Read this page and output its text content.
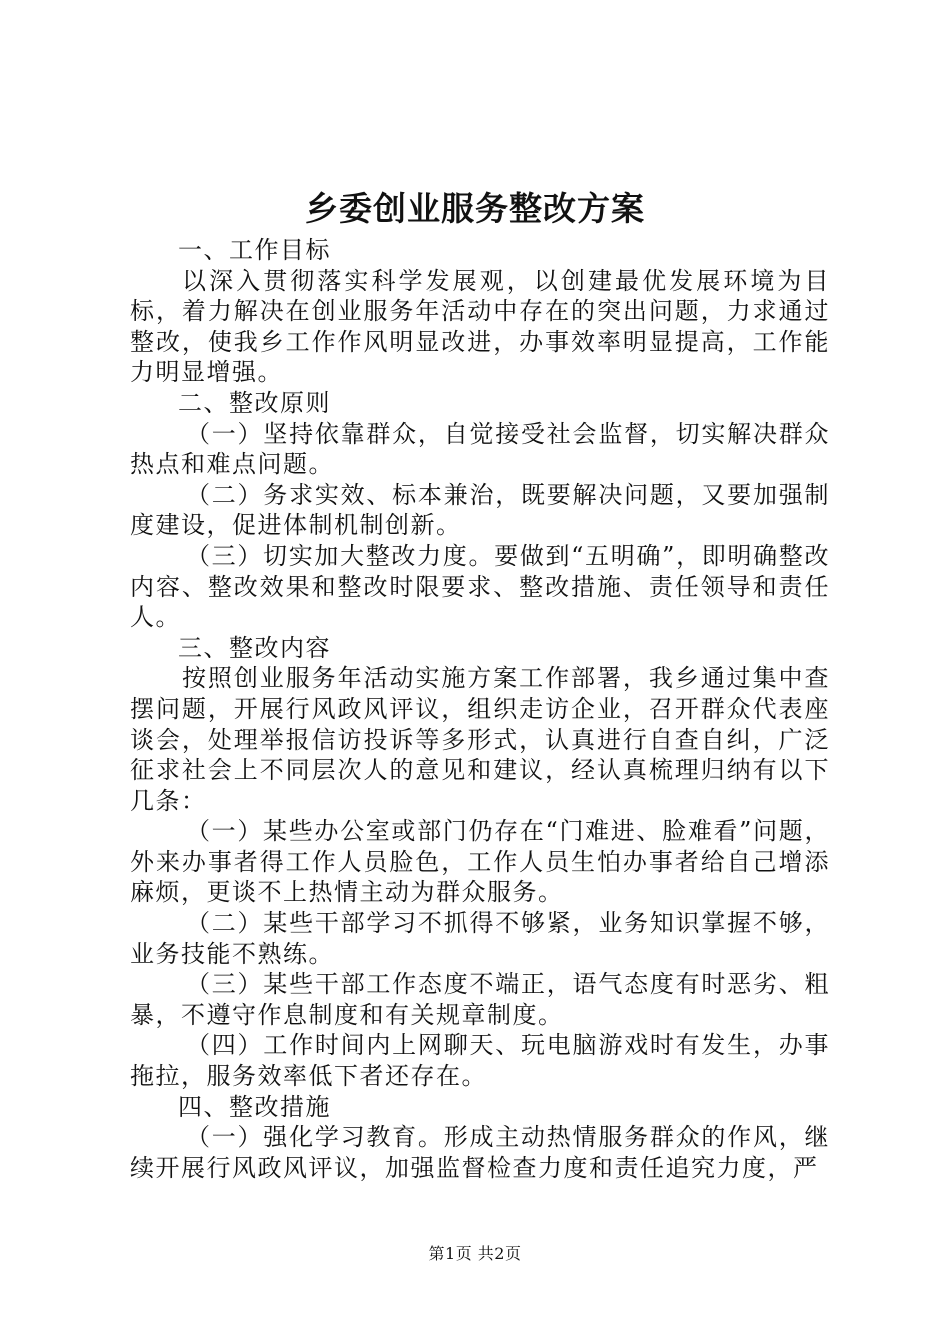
乡委创业服务整改方案

一、工作目标

以深入贯彻落实科学发展观，以创建最优发展环境为目标，着力解决在创业服务年活动中存在的突出问题，力求通过整改，使我乡工作作风明显改进，办事效率明显提高，工作能力明显增强。

二、整改原则

（一）坚持依靠群众，自觉接受社会监督，切实解决群众热点和难点问题。

（二）务求实效、标本兼治，既要解决问题，又要加强制度建设，促进体制机制创新。

（三）切实加大整改力度。要做到“五明确”，即明确整改内容、整改效果和整改时限要求、整改措施、责任领导和责任人。

三、整改内容

按照创业服务年活动实施方案工作部署，我乡通过集中查摆问题，开展行风政风评议，组织走访企业，召开群众代表座谈会，处理举报信访投诉等多形式，认真进行自查自纠，广泛征求社会上不同层次人的意见和建议，经认真梳理归纳有以下几条：

（一）某些办公室或部门仍存在“门难进、脸难看”问题，外来办事者得工作人员脸色，工作人员生怕办事者给自己增添麻烦，更谈不上热情主动为群众服务。

（二）某些干部学习不抓得不够紧，业务知识掌握不够，业务技能不熟练。

（三）某些干部工作态度不端正，语气态度有时恶劣、粗暴，不遵守作息制度和有关规章制度。

（四）工作时间内上网聊天、玩电脑游戏时有发生，办事拖拉，服务效率低下者还存在。

四、整改措施

（一）强化学习教育。形成主动热情服务群众的作风，继续开展行风政风评议，加强监督检查力度和责任追究力度，严

第1页 共2页
